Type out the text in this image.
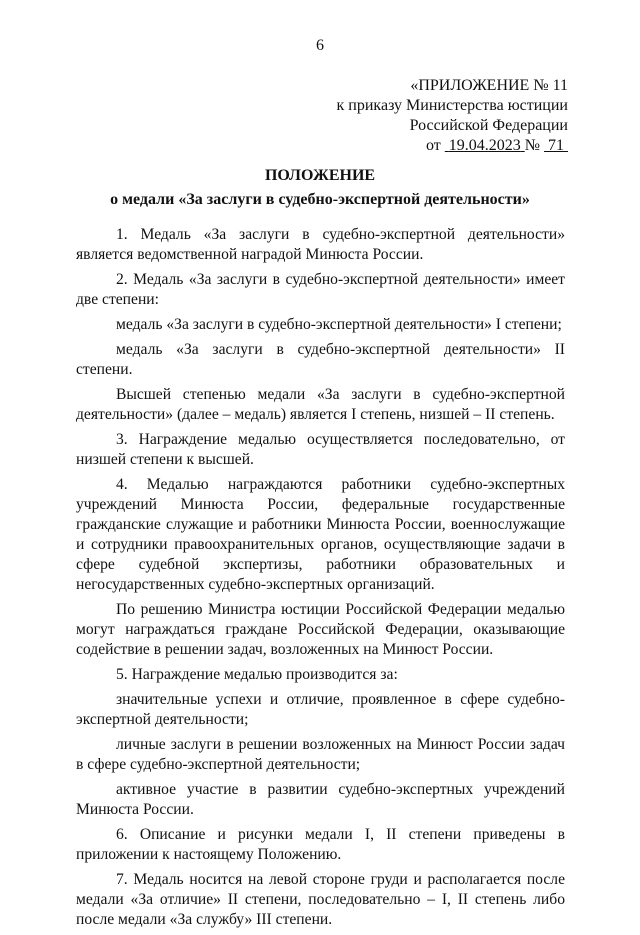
6
«ПРИЛОЖЕНИЕ № 11
к приказу Министерства юстиции
Российской Федерации
от 19.04.2023 № 71
ПОЛОЖЕНИЕ
о медали «За заслуги в судебно-экспертной деятельности»

1. Медаль «За заслуги в судебно-экспертной деятельности» является ведомственной наградой Минюста России.

2. Медаль «За заслуги в судебно-экспертной деятельности» имеет две степени:

медаль «За заслуги в судебно-экспертной деятельности» I степени;

медаль «За заслуги в судебно-экспертной деятельности» II степени.

Высшей степенью медали «За заслуги в судебно-экспертной деятельности» (далее – медаль) является I степень, низшей – II степень.

3. Награждение медалью осуществляется последовательно, от низшей степени к высшей.

4. Медалью награждаются работники судебно-экспертных учреждений Минюста России, федеральные государственные гражданские служащие и работники Минюста России, военнослужащие и сотрудники правоохранительных органов, осуществляющие задачи в сфере судебной экспертизы, работники образовательных и негосударственных судебно-экспертных организаций.

По решению Министра юстиции Российской Федерации медалью могут награждаться граждане Российской Федерации, оказывающие содействие в решении задач, возложенных на Минюст России.

5. Награждение медалью производится за:

значительные успехи и отличие, проявленное в сфере судебно-экспертной деятельности;

личные заслуги в решении возложенных на Минюст России задач в сфере судебно-экспертной деятельности;

активное участие в развитии судебно-экспертных учреждений Минюста России.

6. Описание и рисунки медали I, II степени приведены в приложении к настоящему Положению.

7. Медаль носится на левой стороне груди и располагается после медали «За отличие» II степени, последовательно – I, II степень либо после медали «За службу» III степени.
